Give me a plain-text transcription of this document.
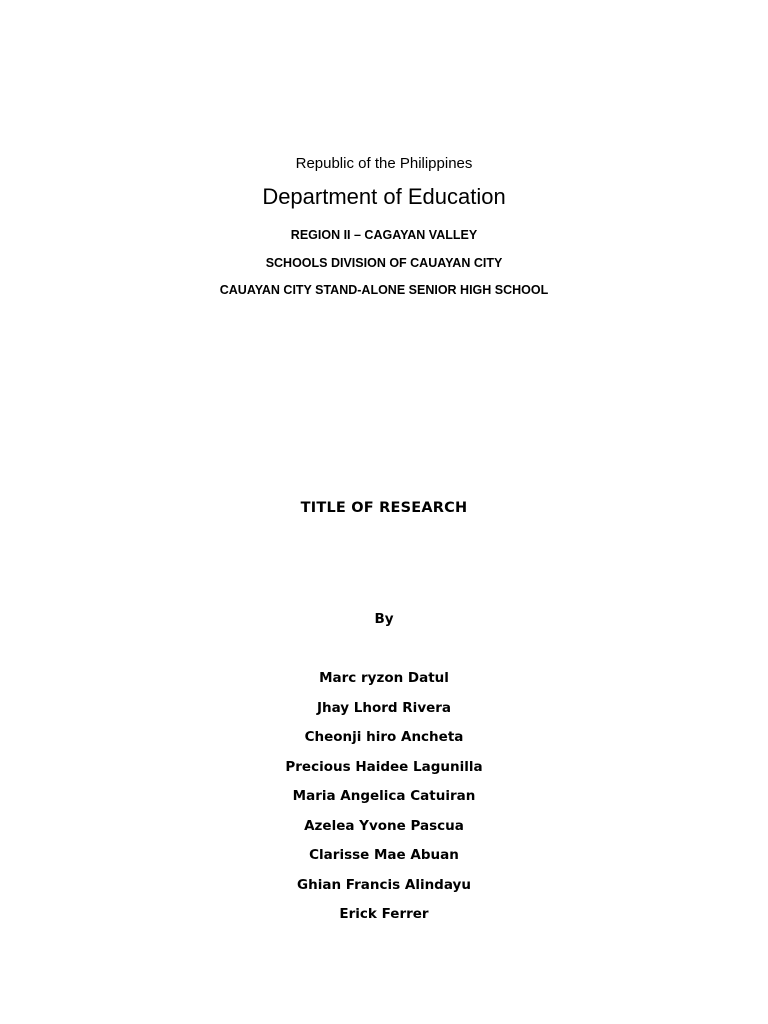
Republic of the Philippines
Department of Education
REGION II – CAGAYAN VALLEY
SCHOOLS DIVISION OF CAUAYAN CITY
CAUAYAN CITY STAND-ALONE SENIOR HIGH SCHOOL
TITLE OF RESEARCH
By
Marc ryzon Datul
Jhay Lhord Rivera
Cheonji hiro Ancheta
Precious Haidee Lagunilla
Maria Angelica Catuiran
Azelea Yvone Pascua
Clarisse Mae Abuan
Ghian Francis Alindayu
Erick Ferrer
